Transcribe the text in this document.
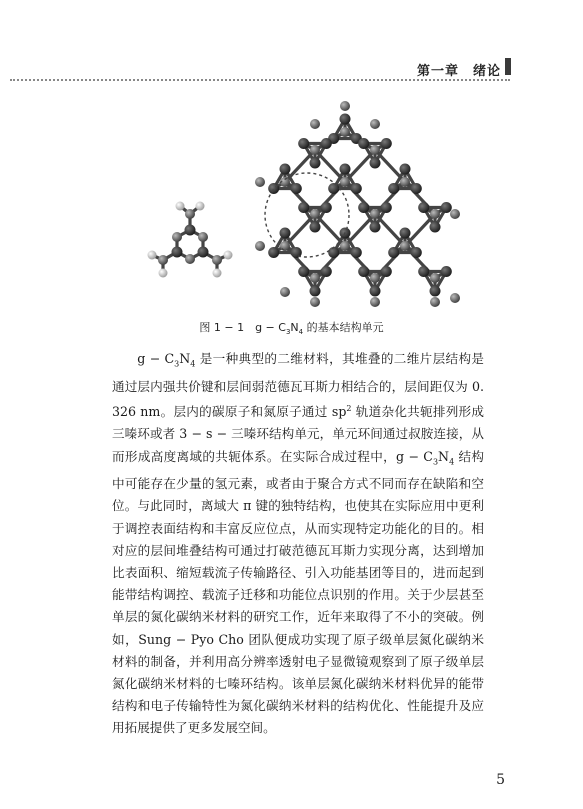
第一章　绪论
图 1 − 1　$g - C_3N_4$ 的基本结构单元

$g - C_3N_4$ 是一种典型的二维材料，其堆叠的二维片层结构是通过层内强共价键和层间弱范德瓦耳斯力相结合的，层间距仅为 0. 326 nm。层内的碳原子和氮原子通过 $sp^2$ 轨道杂化共轭排列形成三嗪环或者 3 − s − 三嗪环结构单元，单元环间通过叔胺连接，从而形成高度离域的共轭体系。在实际合成过程中，$g - C_3N_4$ 结构中可能存在少量的氢元素，或者由于聚合方式不同而存在缺陷和空位。与此同时，离域大 π 键的独特结构，也使其在实际应用中更利于调控表面结构和丰富反应位点，从而实现特定功能化的目的。相对应的层间堆叠结构可通过打破范德瓦耳斯力实现分离，达到增加比表面积、缩短载流子传输路径、引入功能基团等目的，进而起到能带结构调控、载流子迁移和功能位点识别的作用。关于少层甚至单层的氮化碳纳米材料的研究工作，近年来取得了不小的突破。例如，Sung − Pyo Cho 团队便成功实现了原子级单层氮化碳纳米材料的制备，并利用高分辨率透射电子显微镜观察到了原子级单层氮化碳纳米材料的七嗪环结构。该单层氮化碳纳米材料优异的能带结构和电子传输特性为氮化碳纳米材料的结构优化、性能提升及应用拓展提供了更多发展空间。

5
